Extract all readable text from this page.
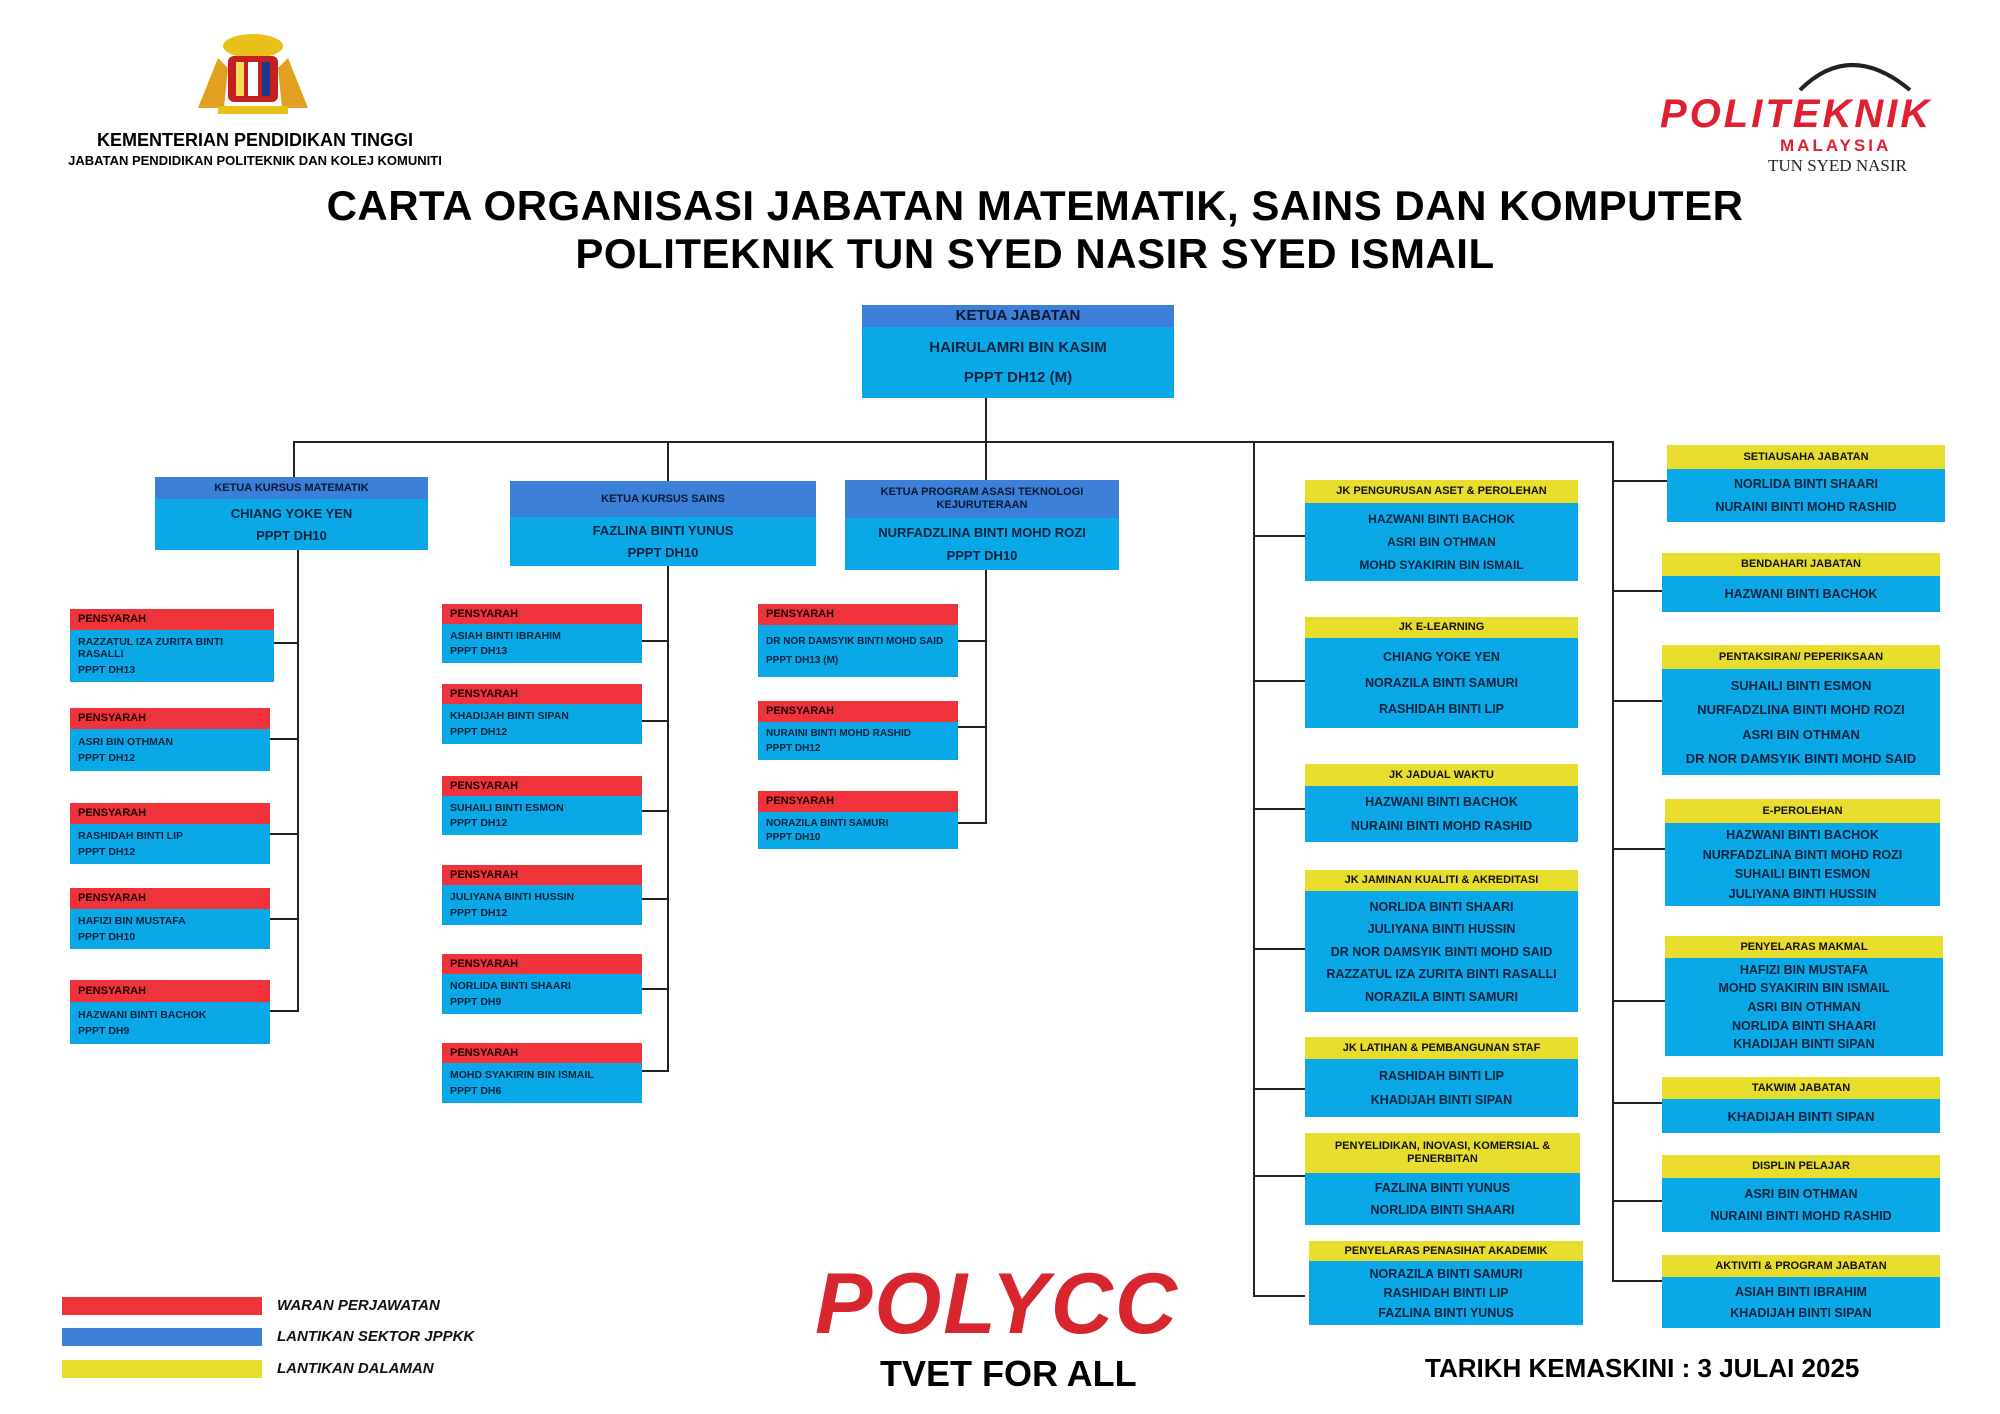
KEMENTERIAN PENDIDIKAN TINGGI
JABATAN PENDIDIKAN POLITEKNIK DAN KOLEJ KOMUNITI
CARTA ORGANISASI JABATAN MATEMATIK, SAINS DAN KOMPUTER
POLITEKNIK TUN SYED NASIR SYED ISMAIL
POLITEKNIK
MALAYSIA
TUN SYED NASIR
KETUA JABATAN
HAIRULAMRI BIN KASIM
PPPT DH12 (M)
KETUA KURSUS MATEMATIK
CHIANG YOKE YEN
PPPT DH10
KETUA KURSUS SAINS
FAZLINA BINTI YUNUS
PPPT DH10
KETUA PROGRAM ASASI TEKNOLOGI KEJURUTERAAN
NURFADZLINA BINTI MOHD ROZI
PPPT DH10
PENSYARAH
RAZZATUL IZA ZURITA BINTI RASALLI
PPPT DH13
PENSYARAH
ASRI BIN OTHMAN
PPPT DH12
PENSYARAH
RASHIDAH BINTI LIP
PPPT DH12
PENSYARAH
HAFIZI BIN MUSTAFA
PPPT DH10
PENSYARAH
HAZWANI BINTI BACHOK
PPPT DH9
PENSYARAH
ASIAH BINTI IBRAHIM
PPPT DH13
PENSYARAH
KHADIJAH BINTI SIPAN
PPPT DH12
PENSYARAH
SUHAILI BINTI ESMON
PPPT DH12
PENSYARAH
JULIYANA BINTI HUSSIN
PPPT DH12
PENSYARAH
NORLIDA BINTI SHAARI
PPPT DH9
PENSYARAH
MOHD SYAKIRIN BIN ISMAIL
PPPT DH6
PENSYARAH
DR NOR DAMSYIK BINTI MOHD SAID
PPPT DH13 (M)
PENSYARAH
NURAINI BINTI MOHD RASHID
PPPT DH12
PENSYARAH
NORAZILA BINTI SAMURI
PPPT DH10
JK PENGURUSAN ASET & PEROLEHAN
HAZWANI BINTI BACHOK
ASRI BIN OTHMAN
MOHD SYAKIRIN BIN ISMAIL
JK E-LEARNING
CHIANG YOKE YEN
NORAZILA BINTI SAMURI
RASHIDAH BINTI LIP
JK JADUAL WAKTU
HAZWANI BINTI BACHOK
NURAINI BINTI MOHD RASHID
JK JAMINAN KUALITI & AKREDITASI
NORLIDA BINTI SHAARI
JULIYANA BINTI HUSSIN
DR NOR DAMSYIK BINTI MOHD SAID
RAZZATUL IZA ZURITA BINTI RASALLI
NORAZILA BINTI SAMURI
JK LATIHAN & PEMBANGUNAN STAF
RASHIDAH BINTI LIP
KHADIJAH BINTI SIPAN
PENYELIDIKAN, INOVASI, KOMERSIAL & PENERBITAN
FAZLINA BINTI YUNUS
NORLIDA BINTI SHAARI
PENYELARAS PENASIHAT AKADEMIK
NORAZILA BINTI SAMURI
RASHIDAH BINTI LIP
FAZLINA BINTI YUNUS
SETIAUSAHA JABATAN
NORLIDA BINTI SHAARI
NURAINI BINTI MOHD RASHID
BENDAHARI JABATAN
HAZWANI BINTI BACHOK
PENTAKSIRAN/ PEPERIKSAAN
SUHAILI BINTI ESMON
NURFADZLINA BINTI MOHD ROZI
ASRI BIN OTHMAN
DR NOR DAMSYIK BINTI MOHD SAID
E-PEROLEHAN
HAZWANI BINTI BACHOK
NURFADZLINA BINTI MOHD ROZI
SUHAILI BINTI ESMON
JULIYANA BINTI HUSSIN
PENYELARAS MAKMAL
HAFIZI BIN MUSTAFA
MOHD SYAKIRIN BIN ISMAIL
ASRI BIN OTHMAN
NORLIDA BINTI SHAARI
KHADIJAH BINTI SIPAN
TAKWIM JABATAN
KHADIJAH BINTI SIPAN
DISPLIN PELAJAR
ASRI BIN OTHMAN
NURAINI BINTI MOHD RASHID
AKTIVITI & PROGRAM JABATAN
ASIAH BINTI IBRAHIM
KHADIJAH BINTI SIPAN
WARAN PERJAWATAN
LANTIKAN SEKTOR JPPKK
LANTIKAN DALAMAN
POLYCC
TVET FOR ALL	TARIKH KEMASKINI : 3 JULAI 2025
